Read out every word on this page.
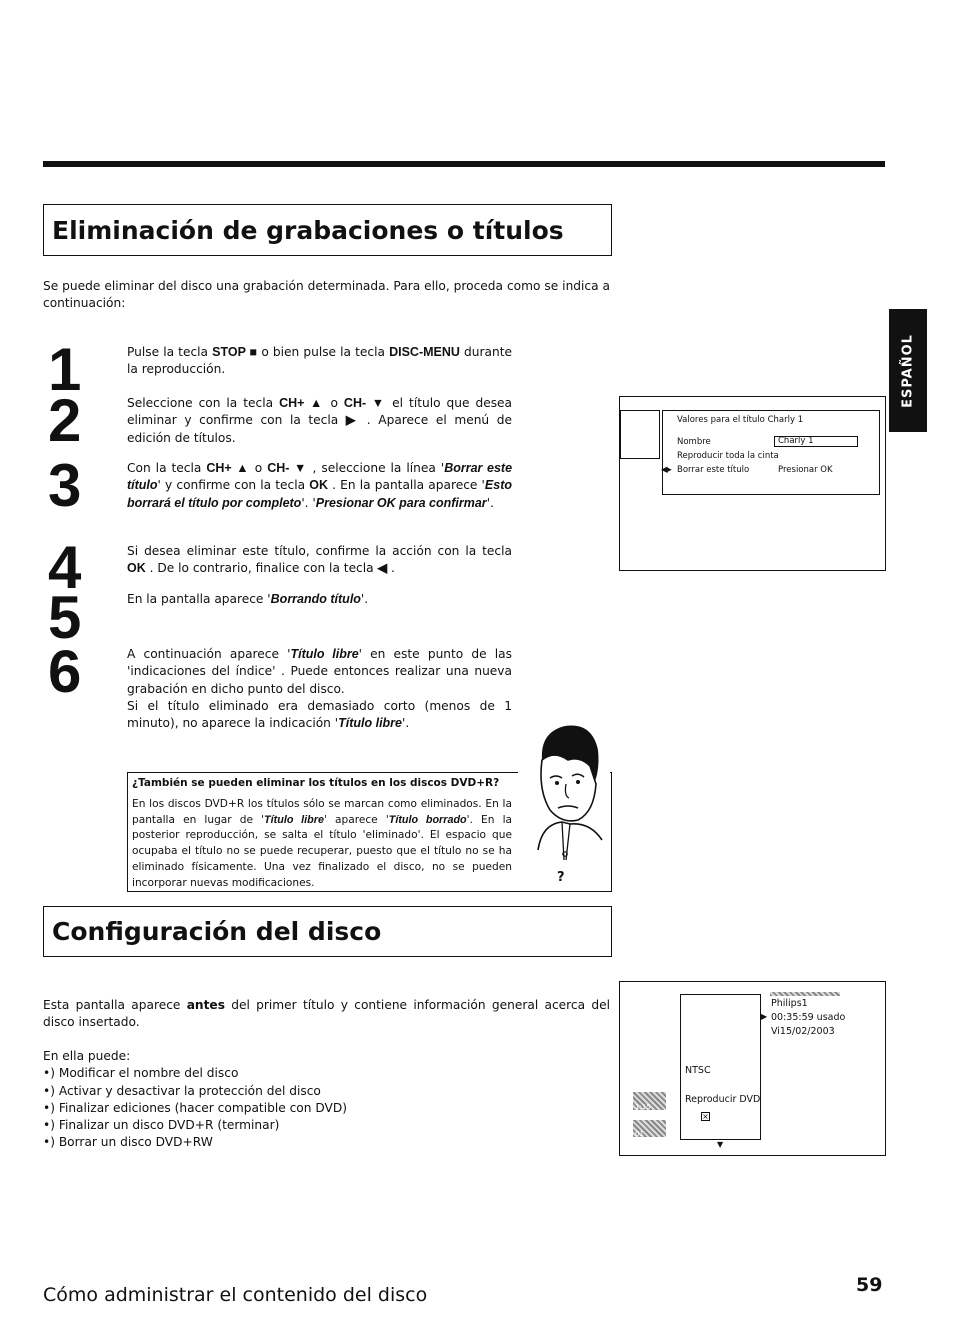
Eliminación de grabaciones o títulos
Se puede eliminar del disco una grabación determinada. Para ello, proceda como se indica a continuación:
ESPAÑOL
1
2
3
4
5
6
Pulse la tecla STOP ■ o bien pulse la tecla DISC-MENU durante la reproducción.
Seleccione con la tecla CH+ ▲ o CH- ▼ el título que desea eliminar y confirme con la tecla ▶ . Aparece el menú de edición de títulos.
Con la tecla CH+ ▲ o CH- ▼ , seleccione la línea 'Borrar este título' y confirme con la tecla OK . En la pantalla aparece 'Esto borrará el título por completo'. 'Presionar OK para confirmar'.
Si desea eliminar este título, confirme la acción con la tecla OK . De lo contrario, finalice con la tecla ◀ .
En la pantalla aparece 'Borrando título'.
A continuación aparece 'Título libre' en este punto de las 'indicaciones del índice' . Puede entonces realizar una nueva grabación en dicho punto del disco.
Si el título eliminado era demasiado corto (menos de 1 minuto), no aparece la indicación 'Título libre'.
Valores para el título Charly 1
Nombre	Charly 1
Reproducir toda la cinta
◀▸ Borrar este título	Presionar OK
¿También se pueden eliminar los títulos en los discos DVD+R?
En los discos DVD+R los títulos sólo se marcan como eliminados. En la pantalla en lugar de 'Título libre' aparece 'Título borrado'. En la posterior reproducción, se salta el título 'eliminado'. El espacio que ocupaba el título no se puede recuperar, puesto que el título no se ha eliminado físicamente. Una vez finalizado el disco, no se pueden incorporar nuevas modificaciones.	?
Configuración del disco
Esta pantalla aparece antes del primer título y contiene información general acerca del disco insertado.
En ella puede:
•) Modificar el nombre del disco
•) Activar y desactivar la protección del disco
•) Finalizar ediciones (hacer compatible con DVD)
•) Finalizar un disco DVD+R (terminar)
•) Borrar un disco DVD+RW
NTSC
Reproducir DVD
×
▼
Philips1
▶ 00:35:59 usado
Vi15/02/2003
1:15
01
Cómo administrar el contenido del disco	59
